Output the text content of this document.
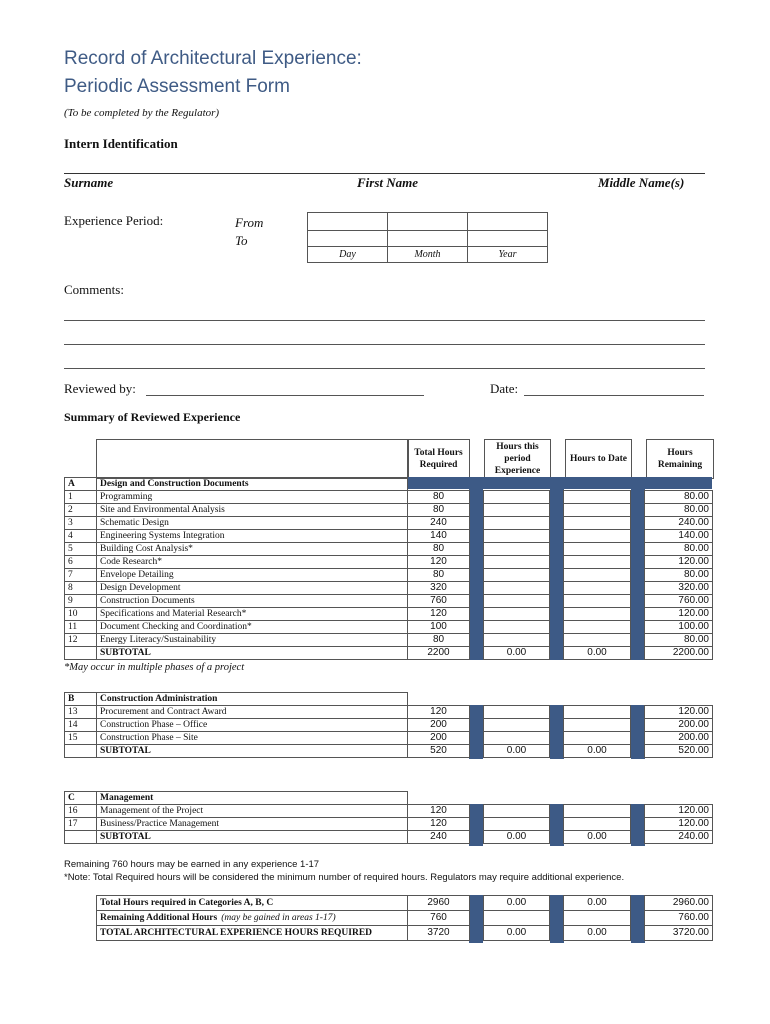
Record of Architectural Experience:
Periodic Assessment Form
(To be completed by the Regulator)
Intern Identification
Surname	First Name	Middle Name(s)
Experience Period:	From
To

Day	Month	Year
Comments:
Reviewed by:	Date:
Summary of Reviewed Experience
Total Hours Required
Hours this period Experience
Hours to Date
Hours Remaining
A	Design and Construction Documents							
1	Programming	80						80.00
2	Site and Environmental Analysis	80						80.00
3	Schematic Design	240						240.00
4	Engineering Systems Integration	140						140.00
5	Building Cost Analysis*	80						80.00
6	Code Research*	120						120.00
7	Envelope Detailing	80						80.00
8	Design Development	320						320.00
9	Construction Documents	760						760.00
10	Specifications and Material Research*	120						120.00
11	Document Checking and Coordination*	100						100.00
12	Energy Literacy/Sustainability	80						80.00
	SUBTOTAL	2200		0.00		0.00		2200.00
*May occur in multiple phases of a project
B	Construction Administration							
13	Procurement and Contract Award	120						120.00
14	Construction Phase – Office	200						200.00
15	Construction Phase – Site	200						200.00
	SUBTOTAL	520		0.00		0.00		520.00
C	Management							
16	Management of the Project	120						120.00
17	Business/Practice Management	120						120.00
	SUBTOTAL	240		0.00		0.00		240.00
Remaining 760 hours may be earned in any experience 1-17
*Note: Total Required hours will be considered the minimum number of required hours. Regulators may require additional experience.
Total Hours required in Categories A, B, C	2960		0.00		0.00		2960.00
Remaining Additional Hours (may be gained in areas 1-17)	760						760.00
TOTAL ARCHITECTURAL EXPERIENCE HOURS REQUIRED	3720		0.00		0.00		3720.00
